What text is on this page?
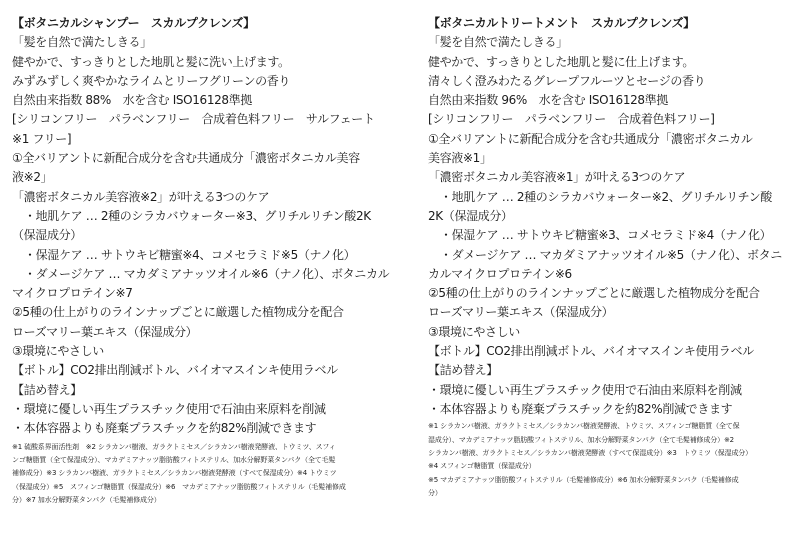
【ボタニカルシャンプー　スカルプクレンズ】
「髪を自然で満たしきる」
健やかで、すっきりとした地肌と髪に洗い上げます。
みずみずしく爽やかなライムとリーフグリーンの香り
自然由来指数 88%　水を含む ISO16128準拠
[シリコンフリー　パラベンフリー　合成着色料フリー　サルフェート
※1 フリー]
①全バリアントに新配合成分を含む共通成分「濃密ボタニカル美容
液※2」
「濃密ボタニカル美容液※2」が叶える3つのケア
・地肌ケア … 2種のシラカバウォーター※3、グリチルリチン酸2K
（保湿成分）
・保湿ケア … サトウキビ糖蜜※4、コメセラミド※5（ナノ化）
・ダメージケア … マカダミアナッツオイル※6（ナノ化）、ボタニカル
マイクロプロテイン※7
②5種の仕上がりのラインナップごとに厳選した植物成分を配合
ローズマリー葉エキス（保湿成分）
③環境にやさしい
【ボトル】CO2排出削減ボトル、バイオマスインキ使用ラベル
【詰め替え】
・環境に優しい再生プラスチック使用で石油由来原料を削減
・本体容器よりも廃棄プラスチックを約82%削減できます
※1 硫酸系界面活性剤　※2 シラカンバ樹液、ガラクトミセス／シラカンバ樹液発酵液、トウミツ、スフィ
ンゴ糖脂質（全て保湿成分）、マカデミアナッツ脂肪酸フィトステリル、加水分解野菜タンパク（全て毛髪
補修成分）※3 シラカンバ樹液、ガラクトミセス／シラカンバ樹液発酵液（すべて保湿成分）※4 トウミツ
（保湿成分）※5　スフィンゴ糖脂質（保湿成分）※6　マカデミアナッツ脂肪酸フィトステリル（毛髪補修成
分）※7 加水分解野菜タンパク（毛髪補修成分）
【ボタニカルトリートメント　スカルプクレンズ】
「髪を自然で満たしきる」
健やかで、すっきりとした地肌と髪に仕上げます。
清々しく澄みわたるグレープフルーツとセージの香り
自然由来指数 96%　水を含む ISO16128準拠
[シリコンフリー　パラベンフリー　合成着色料フリー]
①全バリアントに新配合成分を含む共通成分「濃密ボタニカル
美容液※1」
「濃密ボタニカル美容液※1」が叶える3つのケア
・地肌ケア … 2種のシラカバウォーター※2、グリチルリチン酸
2K（保湿成分）
・保湿ケア … サトウキビ糖蜜※3、コメセラミド※4（ナノ化）
・ダメージケア … マカダミアナッツオイル※5（ナノ化）、ボタニ
カルマイクロプロテイン※6
②5種の仕上がりのラインナップごとに厳選した植物成分を配合
ローズマリー葉エキス（保湿成分）
③環境にやさしい
【ボトル】CO2排出削減ボトル、バイオマスインキ使用ラベル
【詰め替え】
・環境に優しい再生プラスチック使用で石油由来原料を削減
・本体容器よりも廃棄プラスチックを約82%削減できます
※1 シラカンバ樹液、ガラクトミセス／シラカンバ樹液発酵液、トウミツ、スフィンゴ糖脂質（全て保
湿成分）、マカデミアナッツ脂肪酸フィトステリル、加水分解野菜タンパク（全て毛髪補修成分）※2
シラカンバ樹液、ガラクトミセス／シラカンバ樹液発酵液（すべて保湿成分）※3　トウミツ（保湿成分）
※4 スフィンゴ糖脂質（保湿成分）
※5 マカデミアナッツ脂肪酸フィトステリル（毛髪補修成分）※6 加水分解野菜タンパク（毛髪補修成
分）
